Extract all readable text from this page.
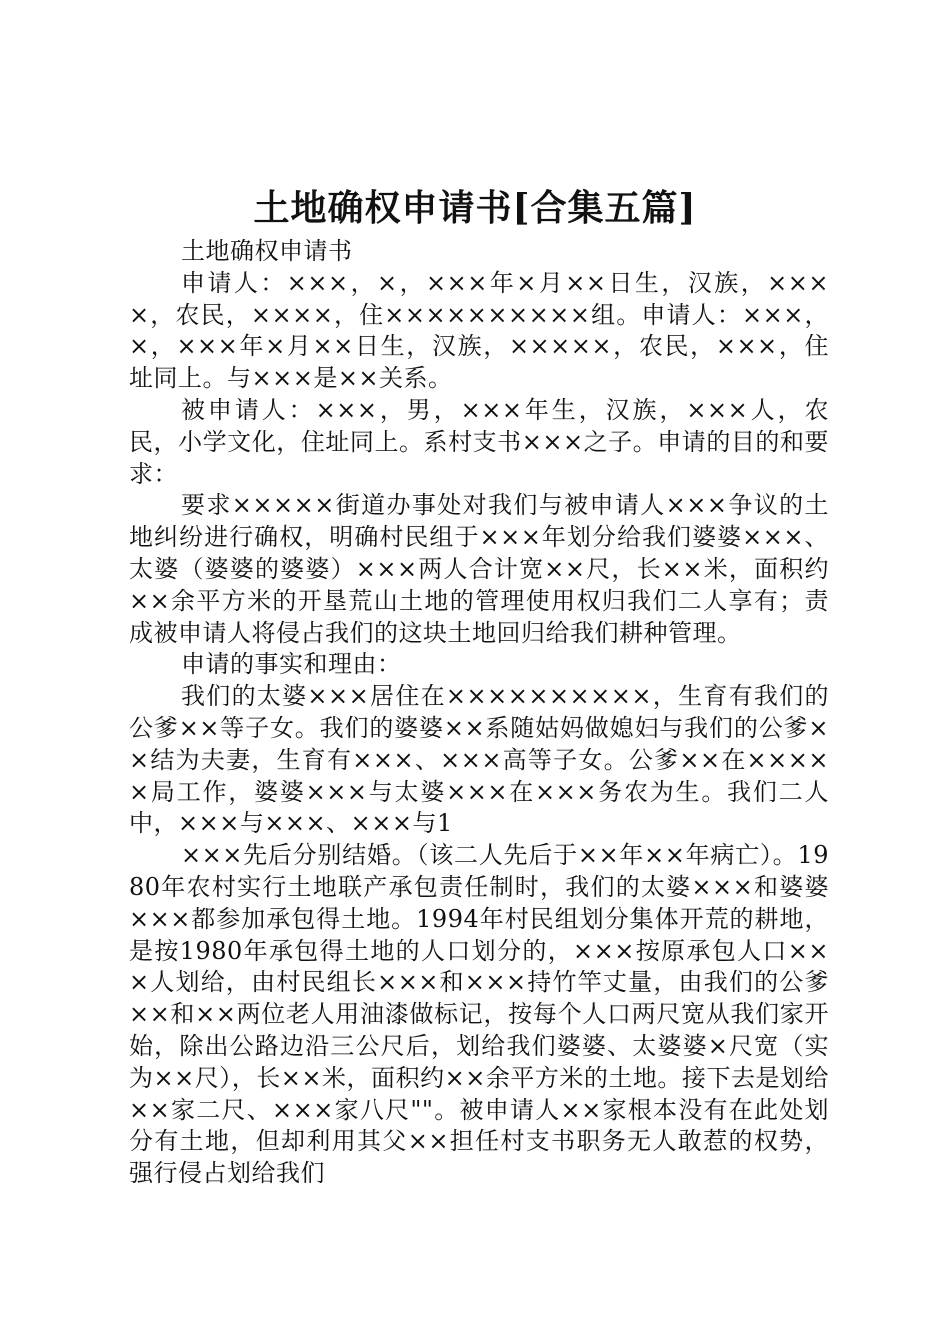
土地确权申请书[合集五篇]

土地确权申请书

申请人：×××，×，×××年×月××日生，汉族，××××，农民，××××，住××××××××××组。申请人：×××，×，×××年×月××日生，汉族，×××××，农民，×××，住址同上。与×××是××关系。

被申请人：×××，男，×××年生，汉族，×××人，农民，小学文化，住址同上。系村支书×××之子。申请的目的和要求：

要求×××××街道办事处对我们与被申请人×××争议的土地纠纷进行确权，明确村民组于×××年划分给我们婆婆×××、太婆（婆婆的婆婆）×××两人合计宽××尺，长××米，面积约××余平方米的开垦荒山土地的管理使用权归我们二人享有；责成被申请人将侵占我们的这块土地回归给我们耕种管理。

申请的事实和理由：

我们的太婆×××居住在××××××××××，生育有我们的公爹××等子女。我们的婆婆××系随姑妈做媳妇与我们的公爹××结为夫妻，生育有×××、×××高等子女。公爹××在×××××局工作，婆婆×××与太婆×××在×××务农为生。我们二人中，×××与×××、×××与1

×××先后分别结婚。（该二人先后于××年××年病亡）。1980年农村实行土地联产承包责任制时，我们的太婆×××和婆婆×××都参加承包得土地。1994年村民组划分集体开荒的耕地，是按1980年承包得土地的人口划分的，×××按原承包人口×××人划给，由村民组长×××和×××持竹竿丈量，由我们的公爹××和××两位老人用油漆做标记，按每个人口两尺宽从我们家开始，除出公路边沿三公尺后，划给我们婆婆、太婆婆×尺宽（实为××尺），长××米，面积约××余平方米的土地。接下去是划给××家二尺、×××家八尺""。被申请人××家根本没有在此处划分有土地，但却利用其父××担任村支书职务无人敢惹的权势，强行侵占划给我们
